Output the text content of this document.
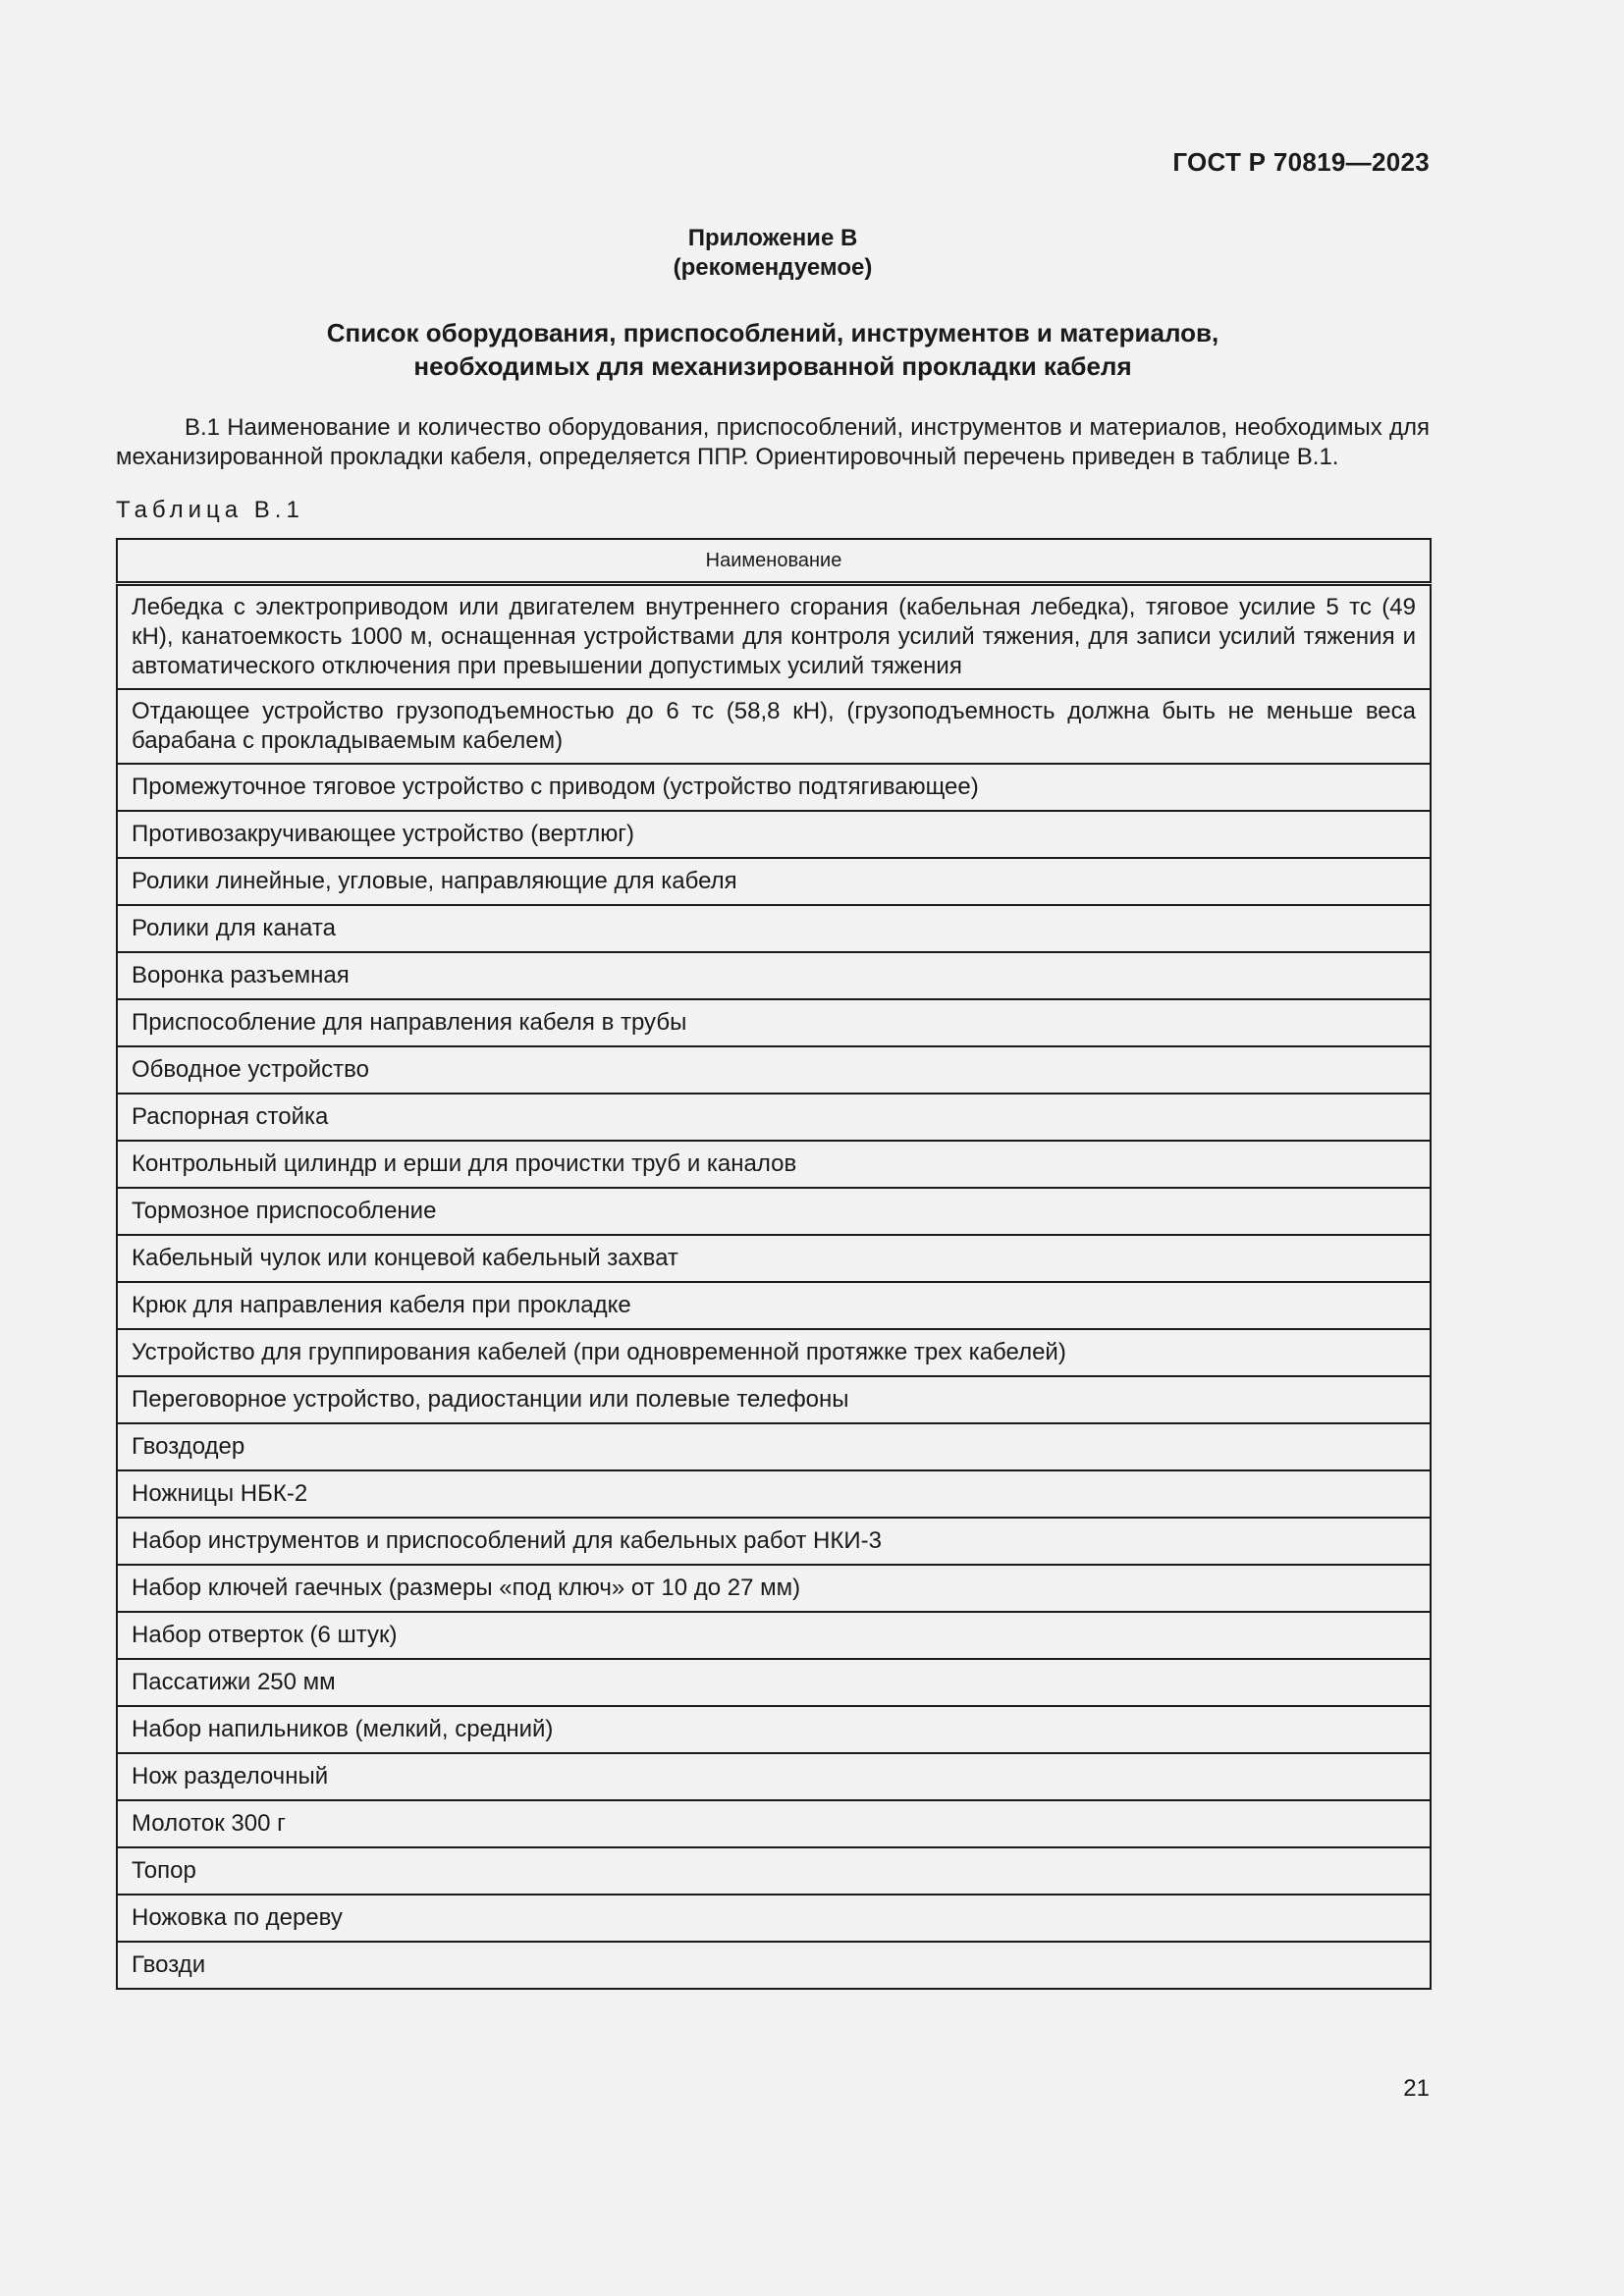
ГОСТ Р 70819—2023
Приложение В
(рекомендуемое)
Список оборудования, приспособлений, инструментов и материалов,
необходимых для механизированной прокладки кабеля
В.1 Наименование и количество оборудования, приспособлений, инструментов и материалов, необходимых для механизированной прокладки кабеля, определяется ППР. Ориентировочный перечень приведен в таблице В.1.
Таблица В.1
Наименование
Лебедка с электроприводом или двигателем внутреннего сгорания (кабельная лебедка), тяговое усилие 5 тс (49 кН), канатоемкость 1000 м, оснащенная устройствами для контроля усилий тяжения, для записи усилий тяжения и автоматического отключения при превышении допустимых усилий тяжения
Отдающее устройство грузоподъемностью до 6 тс (58,8 кН), (грузоподъемность должна быть не меньше веса барабана с прокладываемым кабелем)
Промежуточное тяговое устройство с приводом (устройство подтягивающее)
Противозакручивающее устройство (вертлюг)
Ролики линейные, угловые, направляющие для кабеля
Ролики для каната
Воронка разъемная
Приспособление для направления кабеля в трубы
Обводное устройство
Распорная стойка
Контрольный цилиндр и ерши для прочистки труб и каналов
Тормозное приспособление
Кабельный чулок или концевой кабельный захват
Крюк для направления кабеля при прокладке
Устройство для группирования кабелей (при одновременной протяжке трех кабелей)
Переговорное устройство, радиостанции или полевые телефоны
Гвоздодер
Ножницы НБК-2
Набор инструментов и приспособлений для кабельных работ НКИ-3
Набор ключей гаечных (размеры «под ключ» от 10 до 27 мм)
Набор отверток (6 штук)
Пассатижи 250 мм
Набор напильников (мелкий, средний)
Нож разделочный
Молоток 300 г
Топор
Ножовка по дереву
Гвозди
21
